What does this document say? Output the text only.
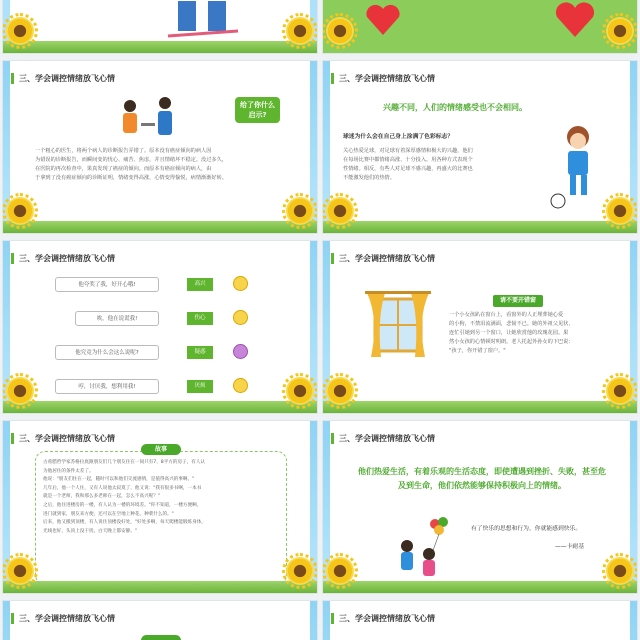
三、学会调控情绪放飞心情
给了你什么启示?
一个粗心的医生，将两个病人的诊断报告弄错了。原本没有癌症倾向的病人因
为错误的诊断报告，而瞬间变的忧心、痛苦、焦虑，并且情绪坏不稳定。没过多久，
在医院的再次检查中，果真发现了癌症的倾向。而原本有癌症倾向的病人，由
于拿到了没有癌症倾向的诊断证明，情绪变得高涨，心情变得愉悦，病情渐渐好转。
三、学会调控情绪放飞心情
兴趣不同，人们的情绪感受也不会相同。
球迷为什么会在自己身上涂满了色彩标志？
关心热爱足球，对足球有着深厚感情和极大的兴趣，他们
在每场比赛中都情绪高涨、十分投入。用各种方式表现个
性情绪。相反，有些人对足球不感兴趣，再盛大的比赛也
不能激发他们的热情。
三、学会调控情绪放飞心情
他夸奖了我，好开心哦!	高兴
唉，他在说谎我!	伤心
他究竟为什么会这么说呢?	疑惑
哼，讨厌我，想利用我!	厌烦
三、学会调控情绪放飞心情
请不要开错窗
一个小女孩趴在窗台上，看窗外的人正埋葬她心爱
的小狗，不禁泪流满面，悲恸不已。她的外祖父见状，
连忙引她到另一个窗口，让她欣赏他的玫瑰花园。果
然小女孩的心情顿时明朗。老人托起外孙女的下巴说：
"孩子，你开错了窗户。"
三、学会调控情绪放飞心情
故事
古希腊哲学家苏格拉底跟朋友们几个朋友住在一间只有7、8平方的房子，有人认
为他居住的条件太差了。
他说："朋友们住在一起，随时可以和他们交流感情，是值得高兴的事啊。"
几年后，他一个人住，又有人说他太寂寞了，他又说："我有很多书啊，一本书
就是一个老师，我和那么多老师在一起，怎么不高兴呢？"
之后，他住进楼房的一楼，有人认为一楼的环境差。"你不知道，一楼方便啊，
进门就到家，朋友来方便，还可以在空地上种花、种菜什么的。"
后来，他又搬到顶楼，有人说住顶楼没好处，"好处多啊，每天爬楼能锻炼身体，
光线也好，头顶上没干扰，白天晚上都安静。"
三、学会调控情绪放飞心情
他们热爱生活，有着乐观的生活态度，即使遭遇到挫折、失败，甚至危及到生命，他们依然能够保持积极向上的情绪。
有了快乐的思想和行为，你就能感到快乐。
——卡耐基
三、学会调控情绪放飞心情	三、学会调控情绪放飞心情
